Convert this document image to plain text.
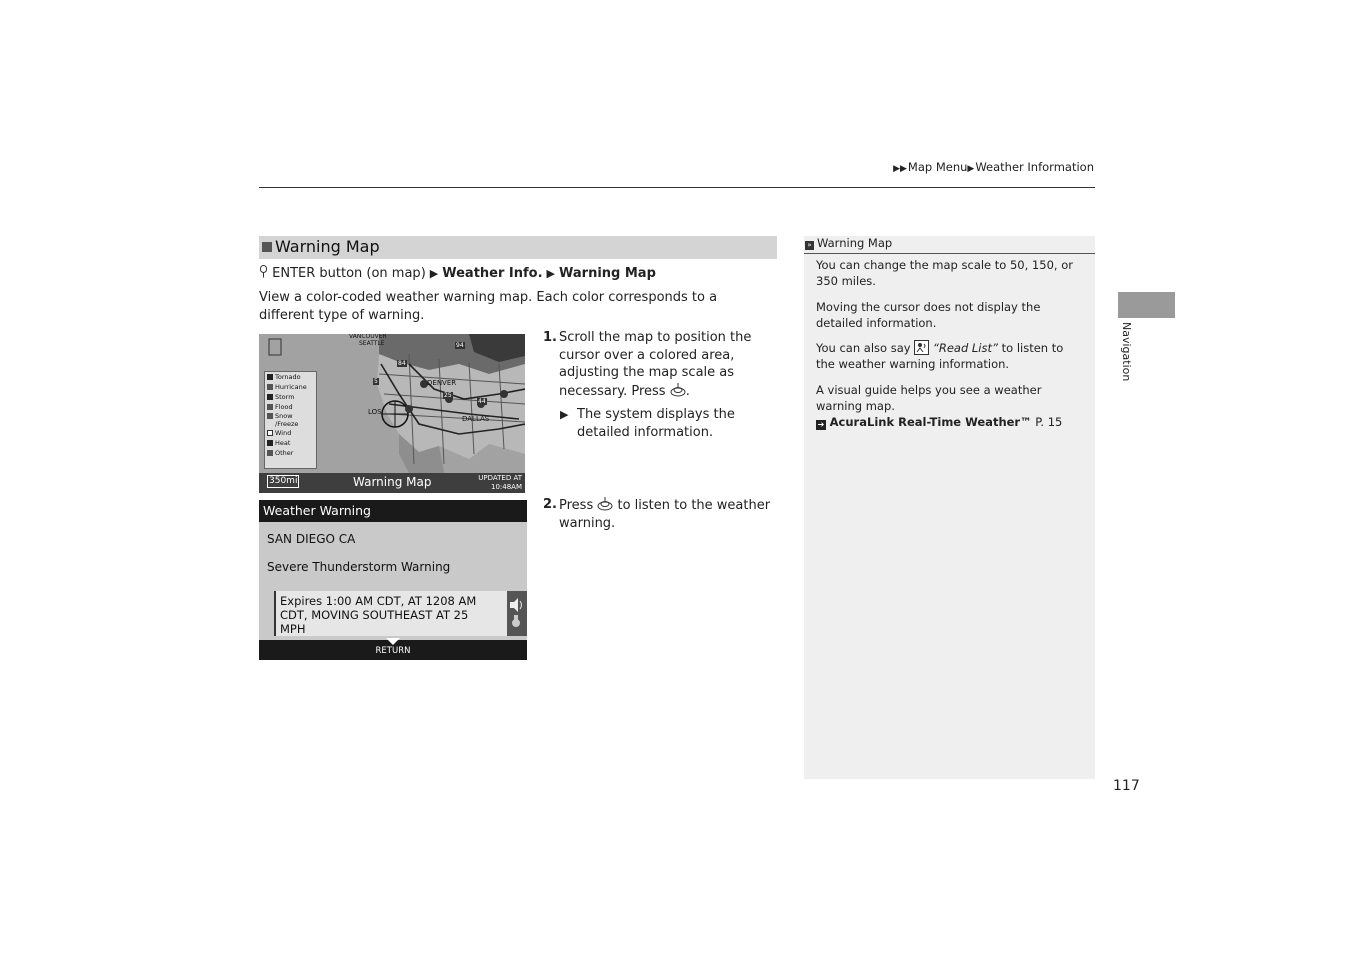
▶▶Map Menu▶Weather Information
Warning Map
ENTER button (on map) ▶ Weather Info. ▶ Warning Map
View a color-coded weather warning map. Each color corresponds to a different type of warning.
VANCOUVER
SEATTLE
DENVER
LOS
DALLAS
84
94
25
44
5
Tornado
Hurricane
Storm
Flood
Snow
/Freeze
Wind
Heat
Other
350mi	Warning Map	UPDATED AT
10:48AM
Weather Warning
SAN DIEGO CA
Severe Thunderstorm Warning
Expires 1:00 AM CDT, AT 1208 AM
CDT, MOVING SOUTHEAST AT 25
MPH
RETURN
1. Scroll the map to position the cursor over a colored area, adjusting the map scale as necessary. Press .
▶ The system displays the detailed information.
2. Press to listen to the weather warning.
» Warning Map

You can change the map scale to 50, 150, or 350 miles.

Moving the cursor does not display the detailed information.

You can also say “Read List” to listen to the weather warning information.

A visual guide helps you see a weather warning map.

➔ AcuraLink Real-Time Weather™ P. 15

Navigation
117
